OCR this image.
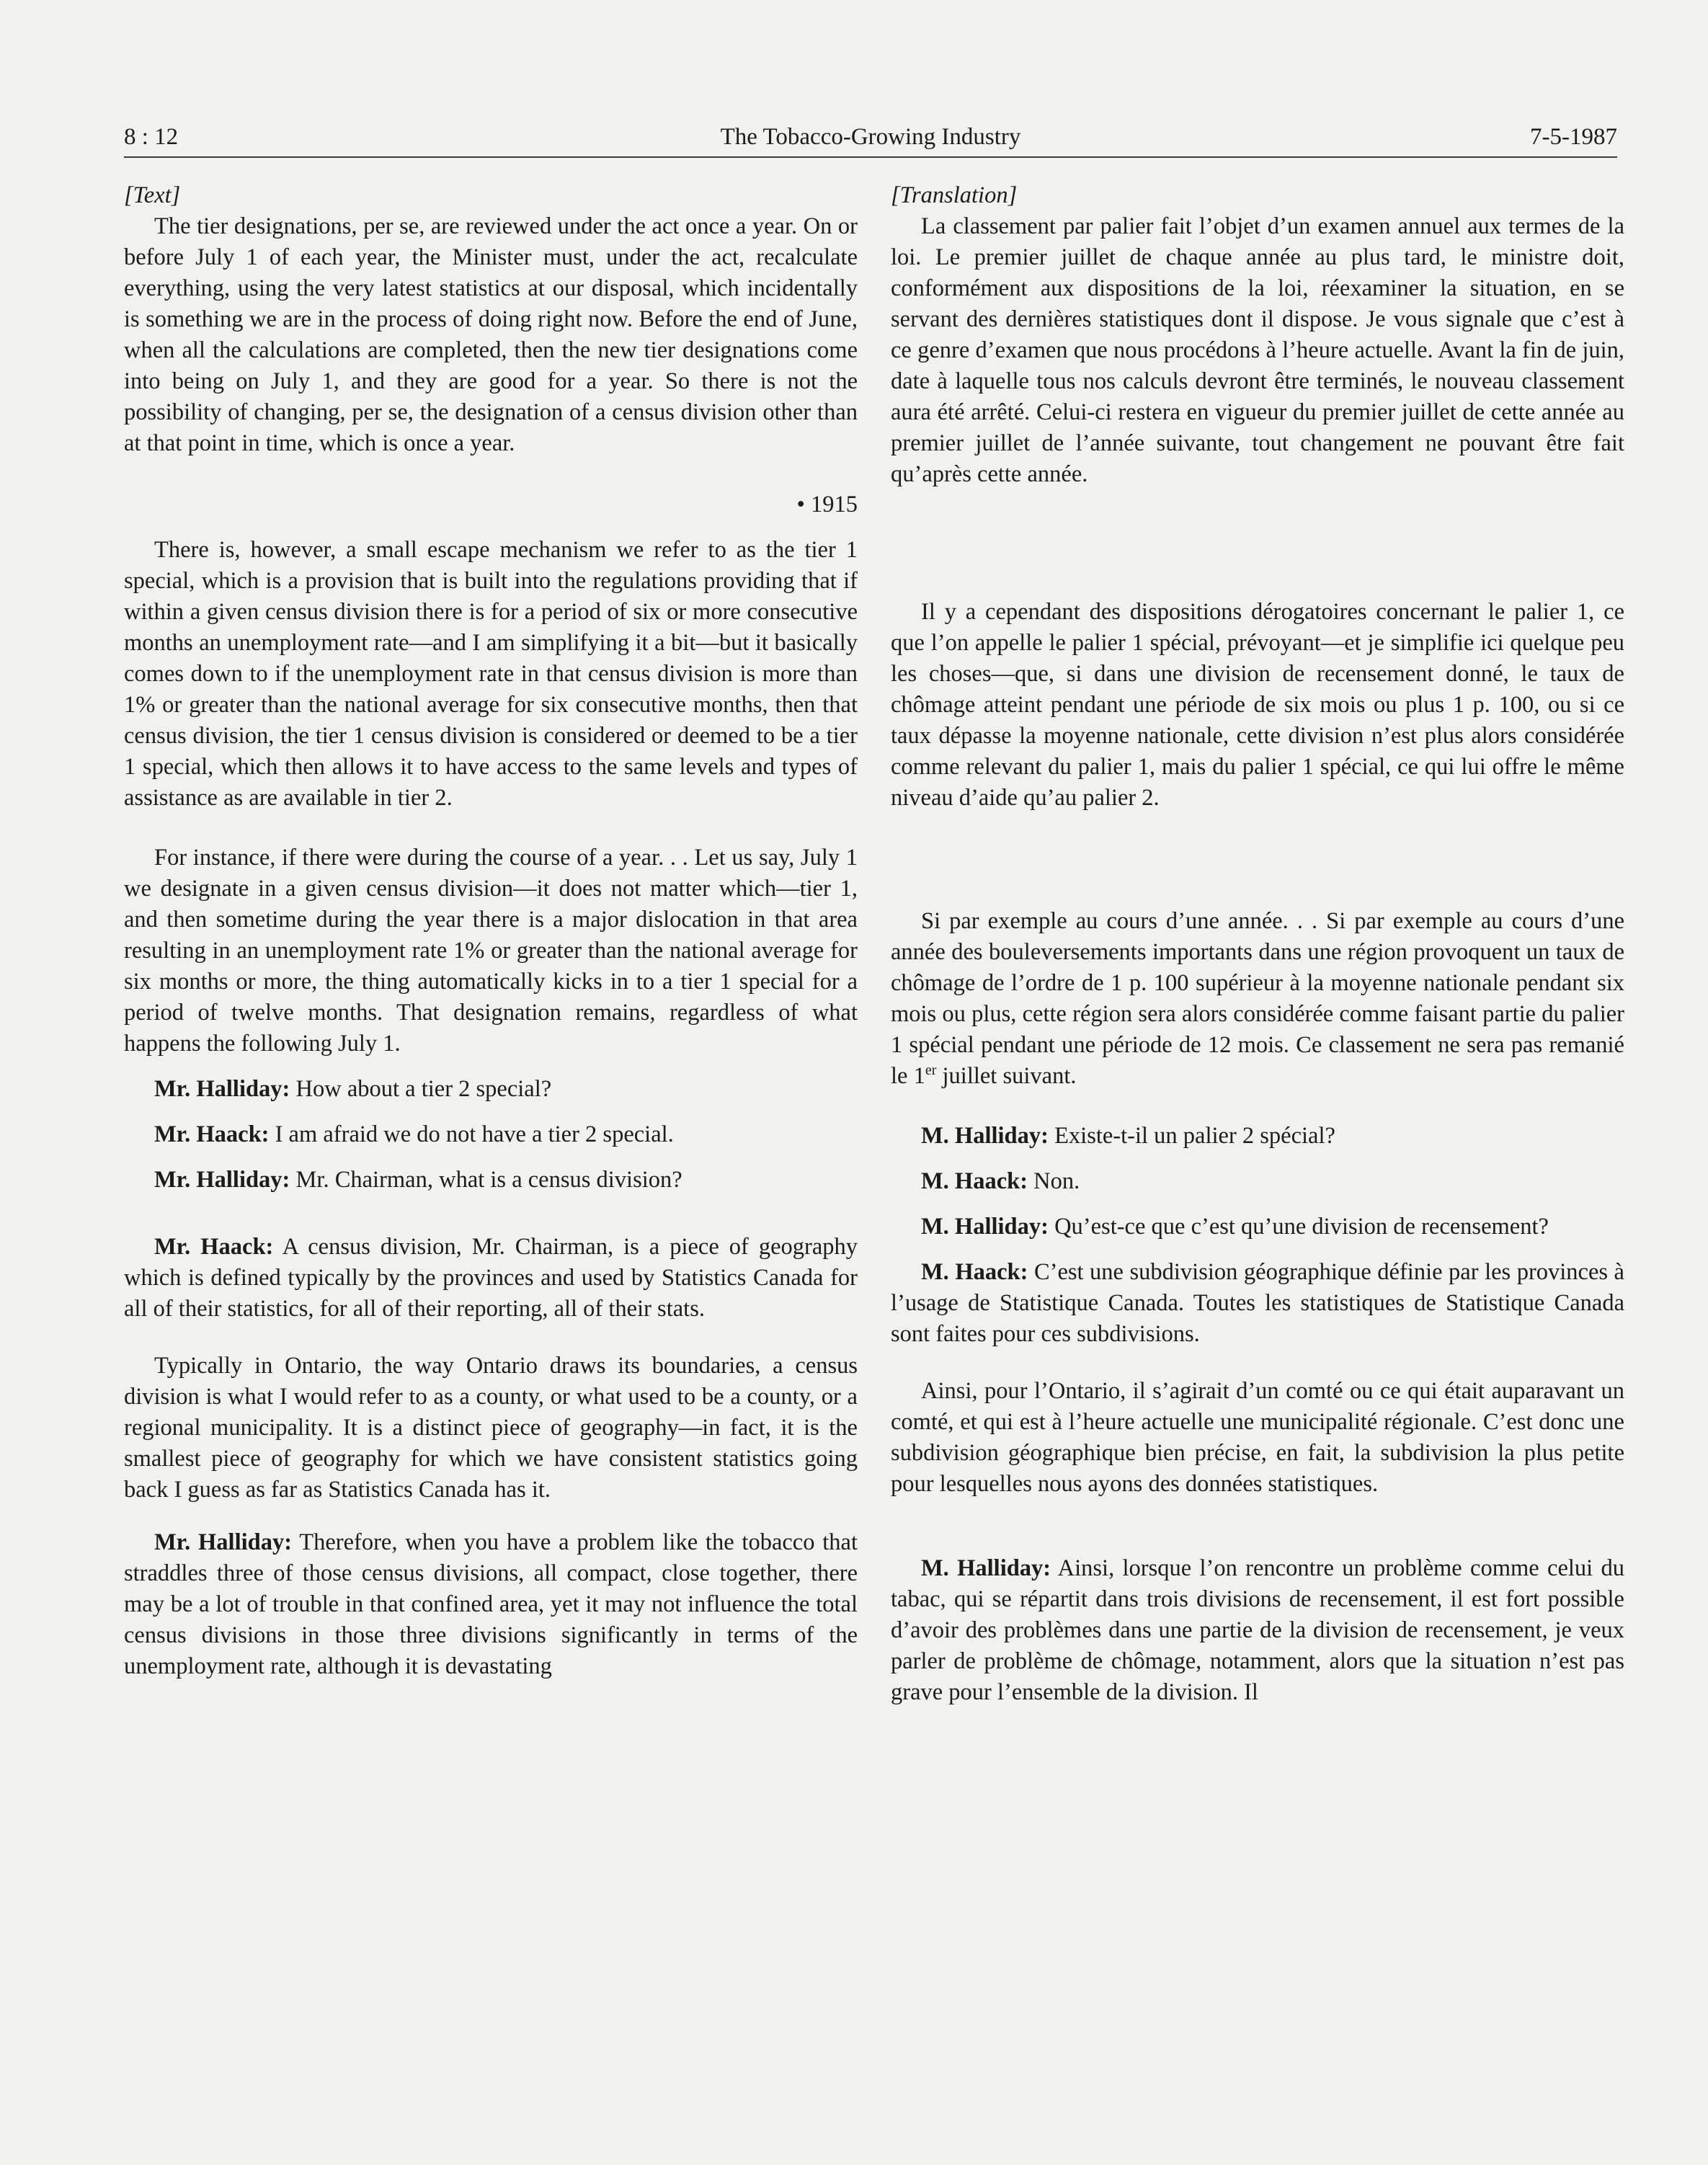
8 : 12	The Tobacco-Growing Industry	7-5-1987

[Text]

The tier designations, per se, are reviewed under the act once a year. On or before July 1 of each year, the Minister must, under the act, recalculate everything, using the very latest statistics at our disposal, which incidentally is something we are in the process of doing right now. Before the end of June, when all the calculations are completed, then the new tier designations come into being on July 1, and they are good for a year. So there is not the possibility of changing, per se, the designation of a census division other than at that point in time, which is once a year.

• 1915

There is, however, a small escape mechanism we refer to as the tier 1 special, which is a provision that is built into the regulations providing that if within a given census division there is for a period of six or more consecutive months an unemployment rate—and I am simplifying it a bit—but it basically comes down to if the unemployment rate in that census division is more than 1% or greater than the national average for six consecutive months, then that census division, the tier 1 census division is considered or deemed to be a tier 1 special, which then allows it to have access to the same levels and types of assistance as are available in tier 2.

For instance, if there were during the course of a year. . . Let us say, July 1 we designate in a given census division—it does not matter which—tier 1, and then sometime during the year there is a major dislocation in that area resulting in an unemployment rate 1% or greater than the national average for six months or more, the thing automatically kicks in to a tier 1 special for a period of twelve months. That designation remains, regardless of what happens the following July 1.

Mr. Halliday: How about a tier 2 special?

Mr. Haack: I am afraid we do not have a tier 2 special.

Mr. Halliday: Mr. Chairman, what is a census division?

Mr. Haack: A census division, Mr. Chairman, is a piece of geography which is defined typically by the provinces and used by Statistics Canada for all of their statistics, for all of their reporting, all of their stats.

Typically in Ontario, the way Ontario draws its boundaries, a census division is what I would refer to as a county, or what used to be a county, or a regional municipality. It is a distinct piece of geography—in fact, it is the smallest piece of geography for which we have consistent statistics going back I guess as far as Statistics Canada has it.

Mr. Halliday: Therefore, when you have a problem like the tobacco that straddles three of those census divisions, all compact, close together, there may be a lot of trouble in that confined area, yet it may not influence the total census divisions in those three divisions significantly in terms of the unemployment rate, although it is devastating

[Translation]

La classement par palier fait l’objet d’un examen annuel aux termes de la loi. Le premier juillet de chaque année au plus tard, le ministre doit, conformément aux dispositions de la loi, réexaminer la situation, en se servant des dernières statistiques dont il dispose. Je vous signale que c’est à ce genre d’examen que nous procédons à l’heure actuelle. Avant la fin de juin, date à laquelle tous nos calculs devront être terminés, le nouveau classement aura été arrêté. Celui-ci restera en vigueur du premier juillet de cette année au premier juillet de l’année suivante, tout changement ne pouvant être fait qu’après cette année.

Il y a cependant des dispositions dérogatoires concernant le palier 1, ce que l’on appelle le palier 1 spécial, prévoyant—et je simplifie ici quelque peu les choses—que, si dans une division de recensement donné, le taux de chômage atteint pendant une période de six mois ou plus 1 p. 100, ou si ce taux dépasse la moyenne nationale, cette division n’est plus alors considérée comme relevant du palier 1, mais du palier 1 spécial, ce qui lui offre le même niveau d’aide qu’au palier 2.

Si par exemple au cours d’une année. . . Si par exemple au cours d’une année des bouleversements importants dans une région provoquent un taux de chômage de l’ordre de 1 p. 100 supérieur à la moyenne nationale pendant six mois ou plus, cette région sera alors considérée comme faisant partie du palier 1 spécial pendant une période de 12 mois. Ce classement ne sera pas remanié le 1er juillet suivant.

M. Halliday: Existe-t-il un palier 2 spécial?

M. Haack: Non.

M. Halliday: Qu’est-ce que c’est qu’une division de recensement?

M. Haack: C’est une subdivision géographique définie par les provinces à l’usage de Statistique Canada. Toutes les statistiques de Statistique Canada sont faites pour ces subdivisions.

Ainsi, pour l’Ontario, il s’agirait d’un comté ou ce qui était auparavant un comté, et qui est à l’heure actuelle une municipalité régionale. C’est donc une subdivision géographique bien précise, en fait, la subdivision la plus petite pour lesquelles nous ayons des données statistiques.

M. Halliday: Ainsi, lorsque l’on rencontre un problème comme celui du tabac, qui se répartit dans trois divisions de recensement, il est fort possible d’avoir des problèmes dans une partie de la division de recensement, je veux parler de problème de chômage, notamment, alors que la situation n’est pas grave pour l’ensemble de la division. Il
